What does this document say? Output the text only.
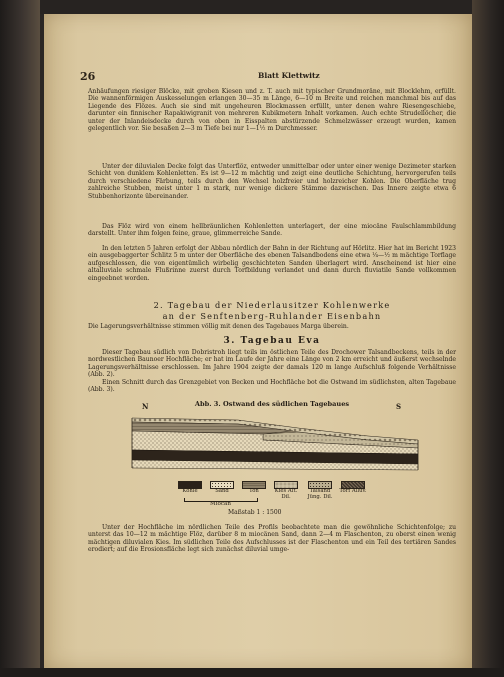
26	Blatt Klettwitz

Anhäufungen riesiger Blöcke, mit groben Kiesen und z. T. auch mit typischer Grundmoräne, mit Blocklehm, erfüllt. Die wannenförmigen Auskesselungen erlangen 30—35 m Länge, 6—10 m Breite und reichen manchmal bis auf das Liegende des Flözes. Auch sie sind mit ungeheuren Blockmassen erfüllt, unter denen wahre Riesengeschiebe, darunter ein finnischer Rapakiwigranit von mehreren Kubikmetern Inhalt vorkamen. Auch echte Strudellöcher, die unter der Inlandeisdecke durch von oben in Eisspalten abstürzende Schmelzwässer erzeugt wurden, kamen gelegentlich vor. Sie besaßen 2—3 m Tiefe bei nur 1—1½ m Durchmesser.

Unter der diluvialen Decke folgt das Unterflöz, entweder unmittelbar oder unter einer wenige Dezimeter starken Schicht von dunklem Kohlenletten. Es ist 9—12 m mächtig und zeigt eine deutliche Schichtung, hervorgerufen teils durch verschiedene Färbung, teils durch den Wechsel holzfreier und holzreicher Kohlen. Die Oberfläche trug zahlreiche Stubben, meist unter 1 m stark, nur wenige dickere Stämme dazwischen. Das Innere zeigte etwa 6 Stubbenhorizonte übereinander.

Das Flöz wird von einem hellbräunlichen Kohlenletten unterlagert, der eine miocäne Faulschlammbildung darstellt. Unter ihm folgen feine, graue, glimmerreiche Sande.

In den letzten 5 Jahren erfolgt der Abbau nördlich der Bahn in der Richtung auf Hörlitz. Hier hat im Bericht 1923 ein ausgebaggerter Schlitz 5 m unter der Oberfläche des ebenen Talsandbodens eine etwa ¼—½ m mächtige Torflage aufgeschlossen, die von eigentümlich wirbelig geschichteten Sanden überlagert wird. Anscheinend ist hier eine altalluviale schmale Flußrinne zuerst durch Torfbildung verlandet und dann durch fluviatile Sande vollkommen eingeebnet worden.

2. Tagebau der Niederlausitzer Kohlenwerke
an der Senftenberg-Ruhlander Eisenbahn

Die Lagerungsverhältnisse stimmen völlig mit denen des Tagebaues Marga überein.

3. Tagebau Eva

Dieser Tagebau südlich von Dobristroh liegt teils im östlichen Teile des Drochower Talsandbeckens, teils in der nordwestlichen Baunoer Hochfläche; er hat im Laufe der Jahre eine Länge von 2 km erreicht und äußerst wechselnde Lagerungsverhältnisse erschlossen. Im Jahre 1904 zeigte der damals 120 m lange Aufschluß folgende Verhältnisse (Abb. 2).

Einen Schnitt durch das Grenzgebiet von Becken und Hochfläche bot die Ostwand im südlichsten, alten Tagebaue (Abb. 3).

Abb. 3. Ostwand des südlichen Tagebaues
N	S
Kohle	Sand	Ton	Kies Alt. Dil.
Talsand Jüng. Dil.
Torf Alluv.
Miocän
Maßstab 1 : 1500

Unter der Hochfläche im nördlichen Teile des Profils beobachtete man die gewöhnliche Schichtenfolge; zu unterst das 10—12 m mächtige Flöz, darüber 8 m miocänen Sand, dann 2—4 m Flaschenton, zu oberst einen wenig mächtigen diluvialen Kies. Im südlichen Teile des Aufschlusses ist der Flaschenton und ein Teil des tertiären Sandes erodiert; auf die Erosionsfläche legt sich zunächst diluvial umge-
